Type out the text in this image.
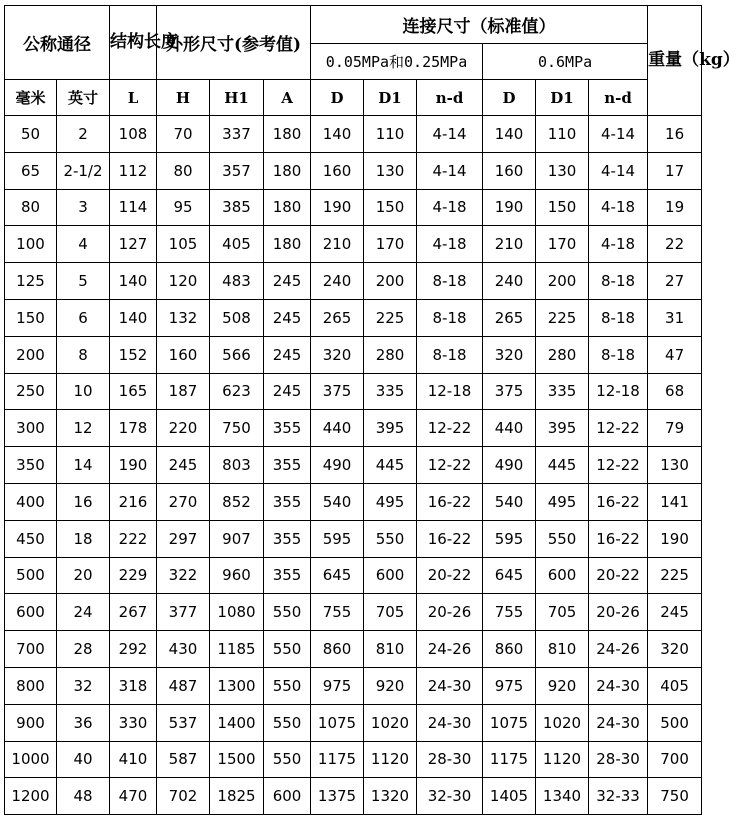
公称通径		结构长度	外形尺寸(参考值)			连接尺寸（标准值）						重量（kg）
						0.05MPa和0.25MPa			0.6MPa			
毫米	英寸	L	H	H1	A	D	D1	n-d	D	D1	n-d	
50	2	108	70	337	180	140	110	4-14	140	110	4-14	16
65	2-1/2	112	80	357	180	160	130	4-14	160	130	4-14	17
80	3	114	95	385	180	190	150	4-18	190	150	4-18	19
100	4	127	105	405	180	210	170	4-18	210	170	4-18	22
125	5	140	120	483	245	240	200	8-18	240	200	8-18	27
150	6	140	132	508	245	265	225	8-18	265	225	8-18	31
200	8	152	160	566	245	320	280	8-18	320	280	8-18	47
250	10	165	187	623	245	375	335	12-18	375	335	12-18	68
300	12	178	220	750	355	440	395	12-22	440	395	12-22	79
350	14	190	245	803	355	490	445	12-22	490	445	12-22	130
400	16	216	270	852	355	540	495	16-22	540	495	16-22	141
450	18	222	297	907	355	595	550	16-22	595	550	16-22	190
500	20	229	322	960	355	645	600	20-22	645	600	20-22	225
600	24	267	377	1080	550	755	705	20-26	755	705	20-26	245
700	28	292	430	1185	550	860	810	24-26	860	810	24-26	320
800	32	318	487	1300	550	975	920	24-30	975	920	24-30	405
900	36	330	537	1400	550	1075	1020	24-30	1075	1020	24-30	500
1000	40	410	587	1500	550	1175	1120	28-30	1175	1120	28-30	700
1200	48	470	702	1825	600	1375	1320	32-30	1405	1340	32-33	750
